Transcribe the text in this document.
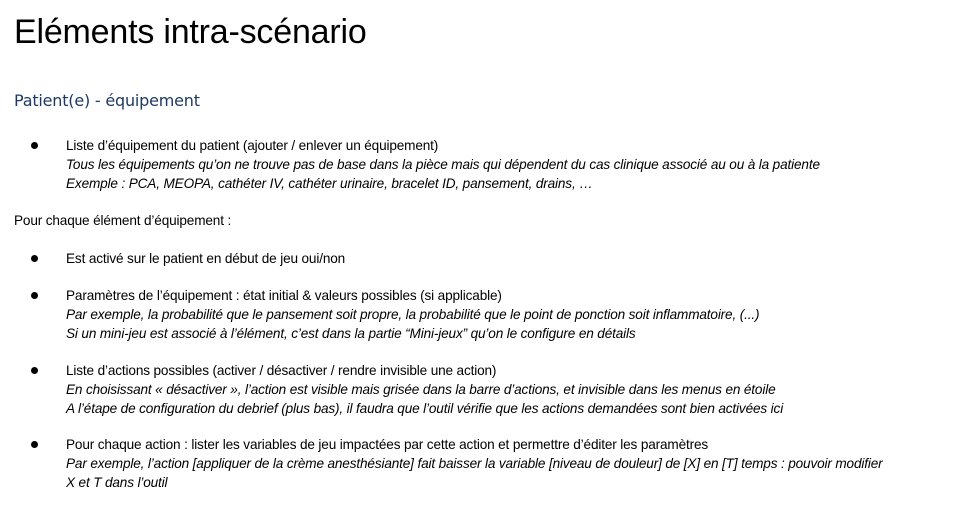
Eléments intra-scénario
Patient(e) - équipement
Liste d’équipement du patient (ajouter / enlever un équipement)
Tous les équipements qu’on ne trouve pas de base dans la pièce mais qui dépendent du cas clinique associé au ou à la patiente
Exemple : PCA, MEOPA, cathéter IV, cathéter urinaire, bracelet ID, pansement, drains, …
Pour chaque élément d’équipement :
Est activé sur le patient en début de jeu oui/non
Paramètres de l’équipement : état initial & valeurs possibles (si applicable)
Par exemple, la probabilité que le pansement soit propre, la probabilité que le point de ponction soit inflammatoire, (...)
Si un mini-jeu est associé à l’élément, c’est dans la partie “Mini-jeux” qu’on le configure en détails
Liste d’actions possibles (activer / désactiver / rendre invisible une action)
En choisissant « désactiver », l’action est visible mais grisée dans la barre d’actions, et invisible dans les menus en étoile
A l’étape de configuration du debrief (plus bas), il faudra que l’outil vérifie que les actions demandées sont bien activées ici
Pour chaque action : lister les variables de jeu impactées par cette action et permettre d’éditer les paramètres
Par exemple, l’action [appliquer de la crème anesthésiante] fait baisser la variable [niveau de douleur] de [X] en [T] temps : pouvoir modifier
X et T dans l’outil
